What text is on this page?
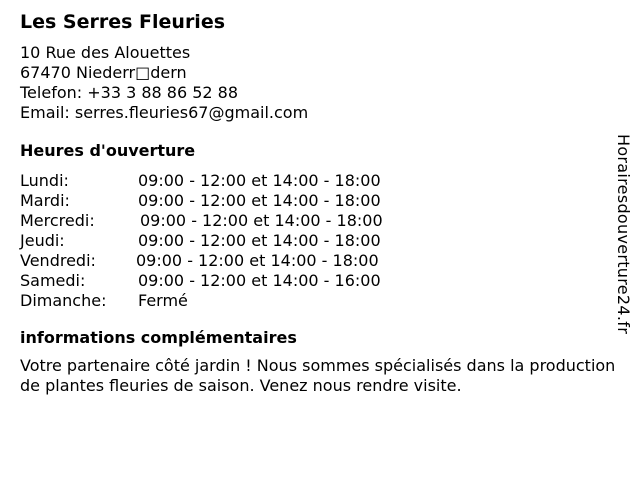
Les Serres Fleuries
10 Rue des Alouettes
67470 Niederr□dern
Telefon: +33 3 88 86 52 88
Email: serres.fleuries67@gmail.com
Heures d'ouverture
Lundi:	09:00 - 12:00 et 14:00 - 18:00
Mardi:	09:00 - 12:00 et 14:00 - 18:00
Mercredi:	09:00 - 12:00 et 14:00 - 18:00
Jeudi:	09:00 - 12:00 et 14:00 - 18:00
Vendredi:	09:00 - 12:00 et 14:00 - 18:00
Samedi:	09:00 - 12:00 et 14:00 - 16:00
Dimanche:	Fermé
informations complémentaires
Votre partenaire côté jardin ! Nous sommes spécialisés dans la production de plantes fleuries de saison. Venez nous rendre visite.
Horairesdouverture24.fr
